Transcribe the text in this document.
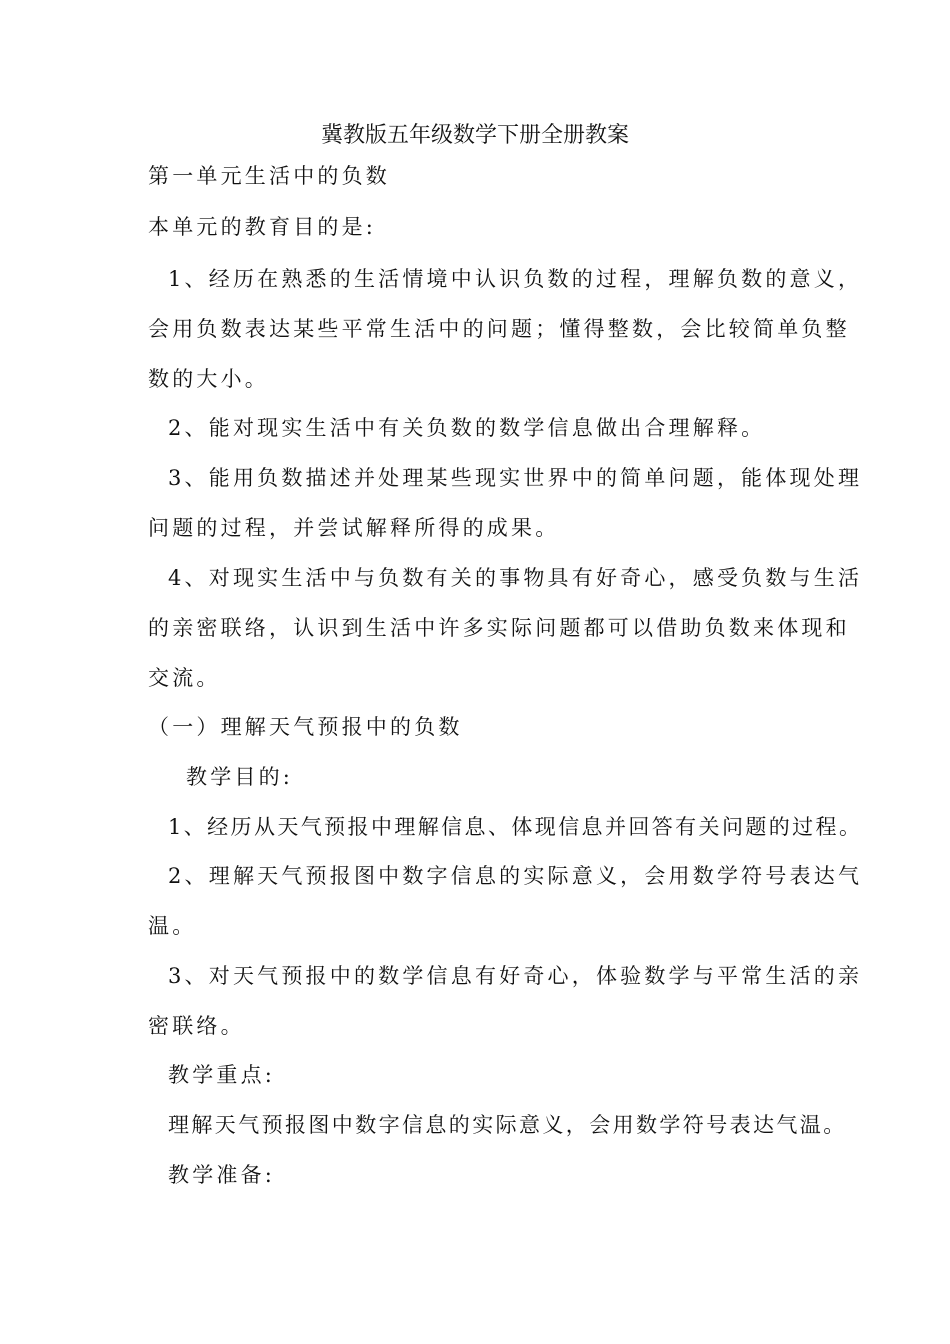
冀教版五年级数学下册全册教案
第一单元生活中的负数
本单元的教育目的是:
1、经历在熟悉的生活情境中认识负数的过程，理解负数的意义，
会用负数表达某些平常生活中的问题；懂得整数，会比较简单负整
数的大小。
2、能对现实生活中有关负数的数学信息做出合理解释。
3、能用负数描述并处理某些现实世界中的简单问题，能体现处理
问题的过程，并尝试解释所得的成果。
4、对现实生活中与负数有关的事物具有好奇心，感受负数与生活
的亲密联络，认识到生活中许多实际问题都可以借助负数来体现和
交流。
（一）理解天气预报中的负数
教学目的:
1、经历从天气预报中理解信息、体现信息并回答有关问题的过程。
2、理解天气预报图中数字信息的实际意义，会用数学符号表达气
温。
3、对天气预报中的数学信息有好奇心，体验数学与平常生活的亲
密联络。
教学重点:
理解天气预报图中数字信息的实际意义，会用数学符号表达气温。
教学准备:
